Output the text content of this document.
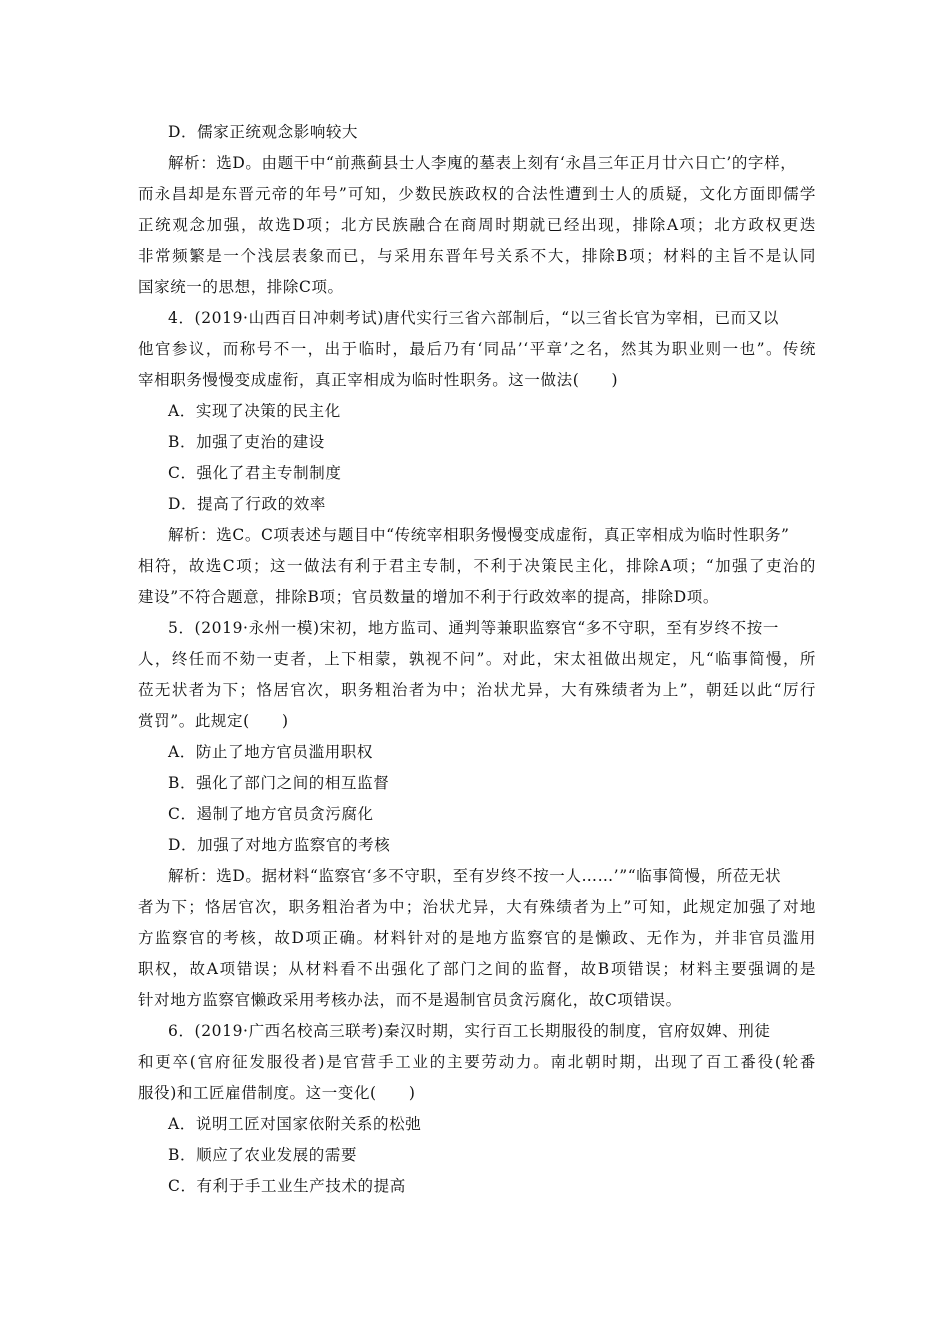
D．儒家正统观念影响较大
解析：选D。由题干中“前燕蓟县士人李廆的墓表上刻有‘永昌三年正月廿六日亡’的字样，
而永昌却是东晋元帝的年号”可知，少数民族政权的合法性遭到士人的质疑，文化方面即儒学
正统观念加强，故选D项；北方民族融合在商周时期就已经出现，排除A项；北方政权更迭
非常频繁是一个浅层表象而已，与采用东晋年号关系不大，排除B项；材料的主旨不是认同
国家统一的思想，排除C项。
4．(2019·山西百日冲刺考试)唐代实行三省六部制后，“以三省长官为宰相，已而又以
他官参议，而称号不一，出于临时，最后乃有‘同品’‘平章’之名，然其为职业则一也”。传统
宰相职务慢慢变成虚衔，真正宰相成为临时性职务。这一做法(　　)
A．实现了决策的民主化
B．加强了吏治的建设
C．强化了君主专制制度
D．提高了行政的效率
解析：选C。C项表述与题目中“传统宰相职务慢慢变成虚衔，真正宰相成为临时性职务”
相符，故选C项；这一做法有利于君主专制，不利于决策民主化，排除A项；“加强了吏治的
建设”不符合题意，排除B项；官员数量的增加不利于行政效率的提高，排除D项。
5．(2019·永州一模)宋初，地方监司、通判等兼职监察官“多不守职，至有岁终不按一
人，终任而不劾一吏者，上下相蒙，孰视不问”。对此，宋太祖做出规定，凡“临事简慢，所
莅无状者为下；恪居官次，职务粗治者为中；治状尤异，大有殊绩者为上”，朝廷以此“厉行
赏罚”。此规定(　　)
A．防止了地方官员滥用职权
B．强化了部门之间的相互监督
C．遏制了地方官员贪污腐化
D．加强了对地方监察官的考核
解析：选D。据材料“监察官‘多不守职，至有岁终不按一人……’”“临事简慢，所莅无状
者为下；恪居官次，职务粗治者为中；治状尤异，大有殊绩者为上”可知，此规定加强了对地
方监察官的考核，故D项正确。材料针对的是地方监察官的是懒政、无作为，并非官员滥用
职权，故A项错误；从材料看不出强化了部门之间的监督，故B项错误；材料主要强调的是
针对地方监察官懒政采用考核办法，而不是遏制官员贪污腐化，故C项错误。
6．(2019·广西名校高三联考)秦汉时期，实行百工长期服役的制度，官府奴婢、刑徒
和更卒(官府征发服役者)是官营手工业的主要劳动力。南北朝时期，出现了百工番役(轮番
服役)和工匠雇借制度。这一变化(　　)
A．说明工匠对国家依附关系的松弛
B．顺应了农业发展的需要
C．有利于手工业生产技术的提高
